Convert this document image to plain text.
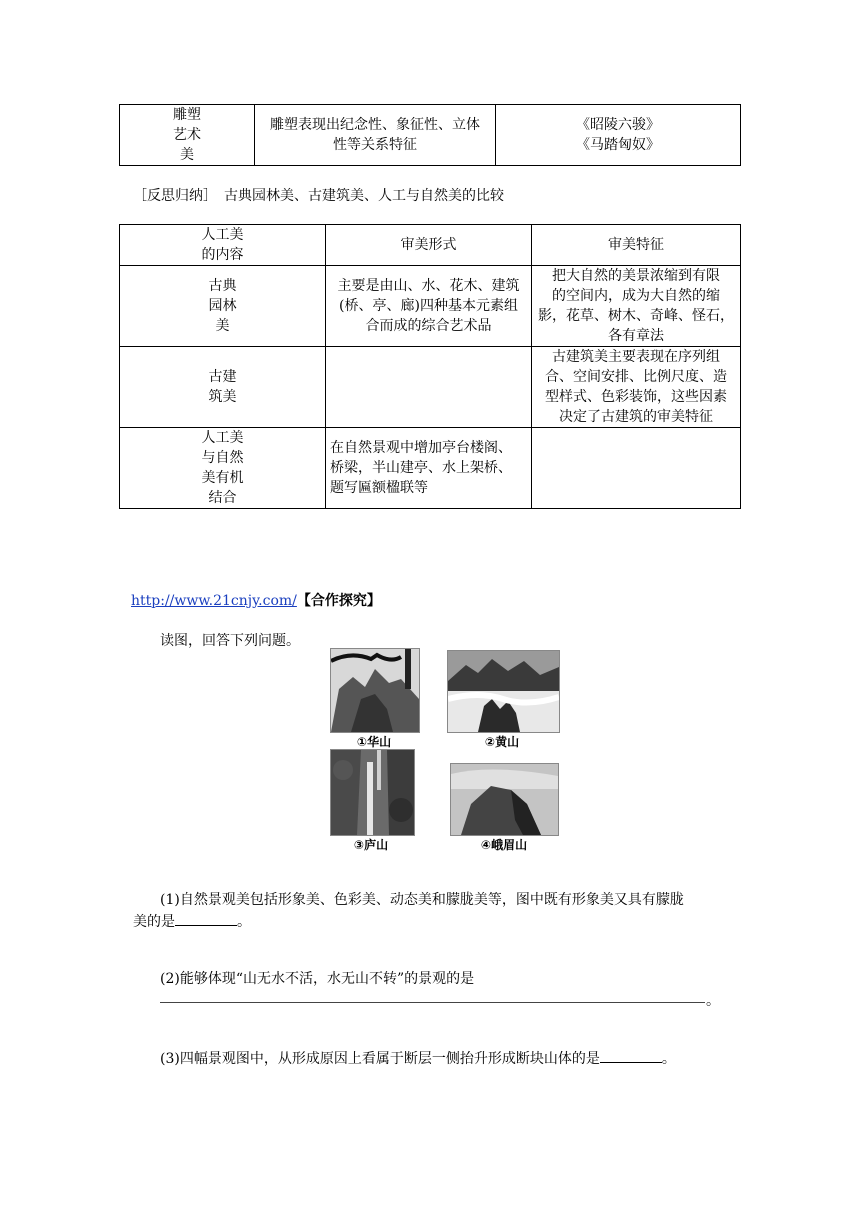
雕塑
艺术
美	雕塑表现出纪念性、象征性、立体
性等关系特征	《昭陵六骏》
《马踏匈奴》
［反思归纳］　古典园林美、古建筑美、人工与自然美的比较
人工美
的内容	审美形式	审美特征
古典
园林
美	主要是由山、水、花木、建筑
(桥、亭、廊)四种基本元素组
合而成的综合艺术品	把大自然的美景浓缩到有限
的空间内，成为大自然的缩
影，花草、树木、奇峰、怪石，
各有章法
古建
筑美		古建筑美主要表现在序列组
合、空间安排、比例尺度、造
型样式、色彩装饰，这些因素
决定了古建筑的审美特征
人工美
与自然
美有机
结合	在自然景观中增加亭台楼阁、
桥梁，半山建亭、水上架桥、
题写匾额楹联等	
http://www.21cnjy.com/【合作探究】
读图，回答下列问题。
①华山	②黄山
③庐山	④峨眉山
(1)自然景观美包括形象美、色彩美、动态美和朦胧美等，图中既有形象美又具有朦胧
美的是	。
(2)能够体现“山无水不活，水无山不转”的景观的是
。
(3)四幅景观图中，从形成原因上看属于断层一侧抬升形成断块山体的是	。
